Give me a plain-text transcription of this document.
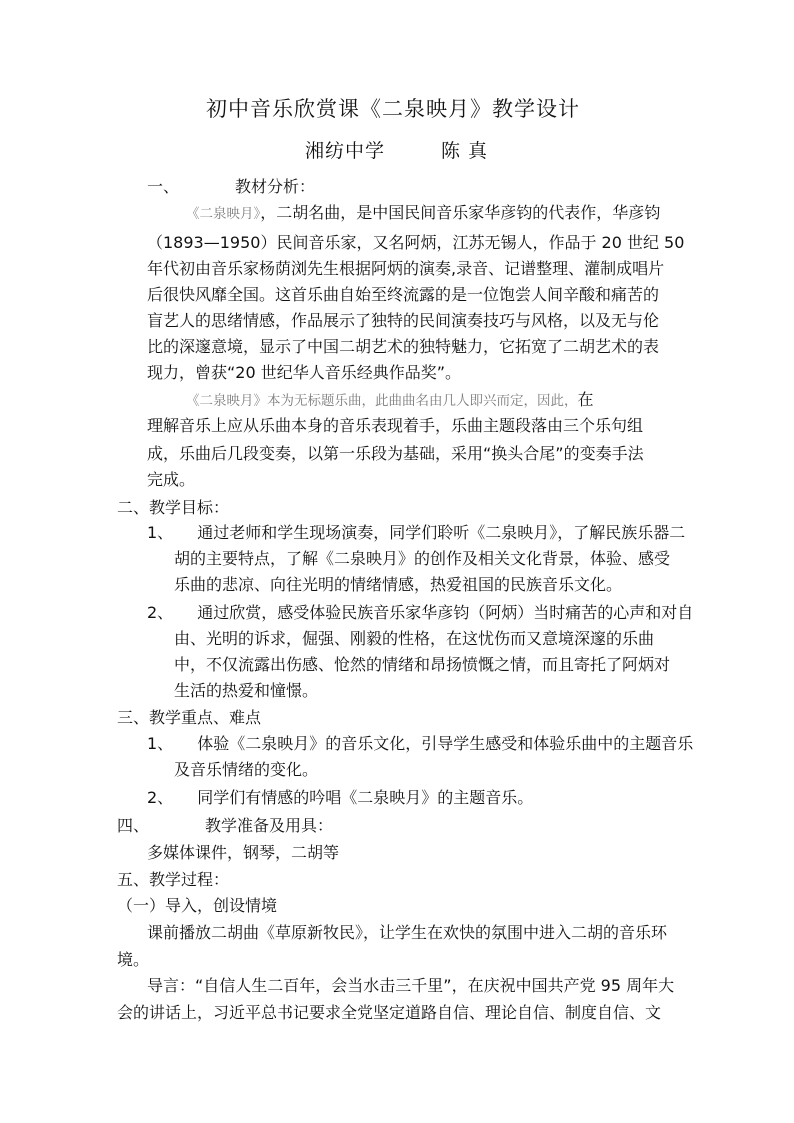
初中音乐欣赏课《二泉映月》教学设计
湘纺中学	陈 真
一、	教材分析：
《二泉映月》，二胡名曲，是中国民间音乐家华彦钧的代表作，华彦钧
（1893—1950）民间音乐家，又名阿炳，江苏无锡人，作品于 20 世纪 50
年代初由音乐家杨荫浏先生根据阿炳的演奏,录音、记谱整理、灌制成唱片
后很快风靡全国。这首乐曲自始至终流露的是一位饱尝人间辛酸和痛苦的
盲艺人的思绪情感，作品展示了独特的民间演奏技巧与风格，以及无与伦
比的深邃意境，显示了中国二胡艺术的独特魅力，它拓宽了二胡艺术的表
现力，曾获“20 世纪华人音乐经典作品奖”。
《二泉映月》本为无标题乐曲，此曲曲名由几人即兴而定，因此，在
理解音乐上应从乐曲本身的音乐表现着手，乐曲主题段落由三个乐句组
成，乐曲后几段变奏，以第一乐段为基础，采用“换头合尾”的变奏手法
完成。
二、教学目标：
1、 通过老师和学生现场演奏，同学们聆听《二泉映月》，了解民族乐器二
胡的主要特点，了解《二泉映月》的创作及相关文化背景，体验、感受
乐曲的悲凉、向往光明的情绪情感，热爱祖国的民族音乐文化。
2、 通过欣赏，感受体验民族音乐家华彦钧（阿炳）当时痛苦的心声和对自
由、光明的诉求，倔强、刚毅的性格，在这忧伤而又意境深邃的乐曲
中，不仅流露出伤感、怆然的情绪和昂扬愤慨之情，而且寄托了阿炳对
生活的热爱和憧憬。
三、教学重点、难点
1、 体验《二泉映月》的音乐文化，引导学生感受和体验乐曲中的主题音乐
及音乐情绪的变化。
2、 同学们有情感的吟唱《二泉映月》的主题音乐。
四、	教学准备及用具：
多媒体课件，钢琴，二胡等
五、教学过程：
（一）导入，创设情境
课前播放二胡曲《草原新牧民》，让学生在欢快的氛围中进入二胡的音乐环
境。
导言：“自信人生二百年，会当水击三千里”，在庆祝中国共产党 95 周年大
会的讲话上，习近平总书记要求全党坚定道路自信、理论自信、制度自信、文
